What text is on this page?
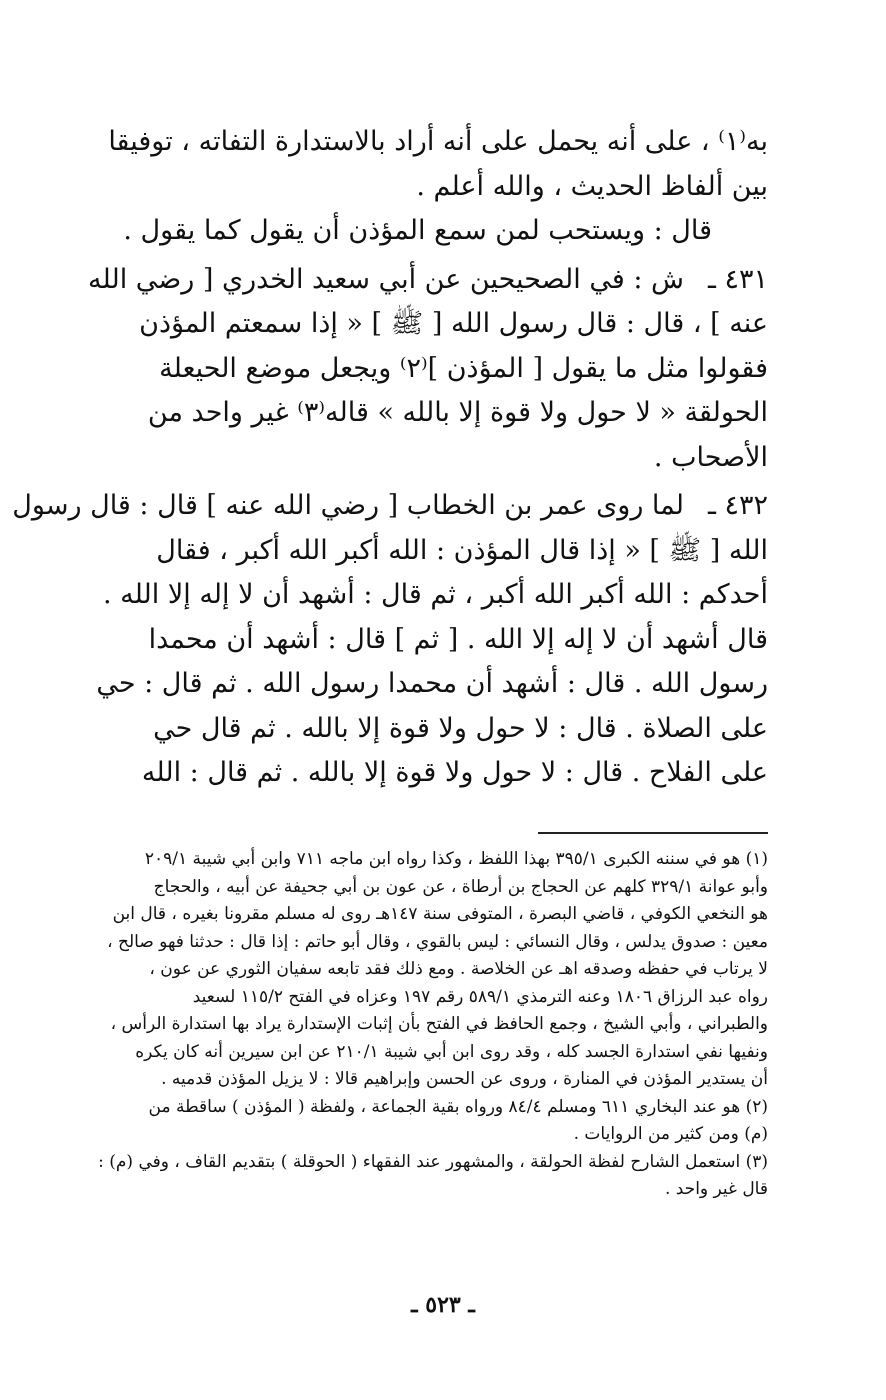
به⁽١⁾ ، على أنه يحمل على أنه أراد بالاستدارة التفاته ، توفيقا
بين ألفاظ الحديث ، والله أعلم .

قال : ويستحب لمن سمع المؤذن أن يقول كما يقول .

٤٣١ ـش : في الصحيحين عن أبي سعيد الخدري [ رضي الله
عنه ] ، قال : قال رسول الله [ ﷺ ] « إذا سمعتم المؤذن
فقولوا مثل ما يقول [ المؤذن ]⁽٢⁾ ويجعل موضع الحيعلة
الحولقة « لا حول ولا قوة إلا بالله » قاله⁽٣⁾ غير واحد من
الأصحاب .

٤٣٢ ـلما روى عمر بن الخطاب [ رضي الله عنه ] قال : قال رسول
الله [ ﷺ ] « إذا قال المؤذن : الله أكبر الله أكبر ، فقال
أحدكم : الله أكبر الله أكبر ، ثم قال : أشهد أن لا إله إلا الله .
قال أشهد أن لا إله إلا الله . [ ثم ] قال : أشهد أن محمدا
رسول الله . قال : أشهد أن محمدا رسول الله . ثم قال : حي
على الصلاة . قال : لا حول ولا قوة إلا بالله . ثم قال حي
على الفلاح . قال : لا حول ولا قوة إلا بالله . ثم قال : الله

(١) هو في سننه الكبرى ٣٩٥/١ بهذا اللفظ ، وكذا رواه ابن ماجه ٧١١ وابن أبي شيبة ٢٠٩/١
وأبو عوانة ٣٢٩/١ كلهم عن الحجاج بن أرطاة ، عن عون بن أبي جحيفة عن أبيه ، والحجاج
هو النخعي الكوفي ، قاضي البصرة ، المتوفى سنة ١٤٧هـ روى له مسلم مقرونا بغيره ، قال ابن
معين : صدوق يدلس ، وقال النسائي : ليس بالقوي ، وقال أبو حاتم : إذا قال : حدثنا فهو صالح ،
لا يرتاب في حفظه وصدقه اهـ عن الخلاصة . ومع ذلك فقد تابعه سفيان الثوري عن عون ،
رواه عبد الرزاق ١٨٠٦ وعنه الترمذي ٥٨٩/١ رقم ١٩٧ وعزاه في الفتح ١١٥/٢ لسعيد
والطبراني ، وأبي الشيخ ، وجمع الحافظ في الفتح بأن إثبات الإستدارة يراد بها استدارة الرأس ،
ونفيها نفي استدارة الجسد كله ، وقد روى ابن أبي شيبة ٢١٠/١ عن ابن سيرين أنه كان يكره
أن يستدير المؤذن في المنارة ، وروى عن الحسن وإبراهيم قالا : لا يزيل المؤذن قدميه .

(٢) هو عند البخاري ٦١١ ومسلم ٨٤/٤ ورواه بقية الجماعة ، ولفظة ( المؤذن ) ساقطة من
(م) ومن كثير من الروايات .

(٣) استعمل الشارح لفظة الحولقة ، والمشهور عند الفقهاء ( الحوقلة ) بتقديم القاف ، وفي (م) :
قال غير واحد .

ـ ٥٢٣ ـ
